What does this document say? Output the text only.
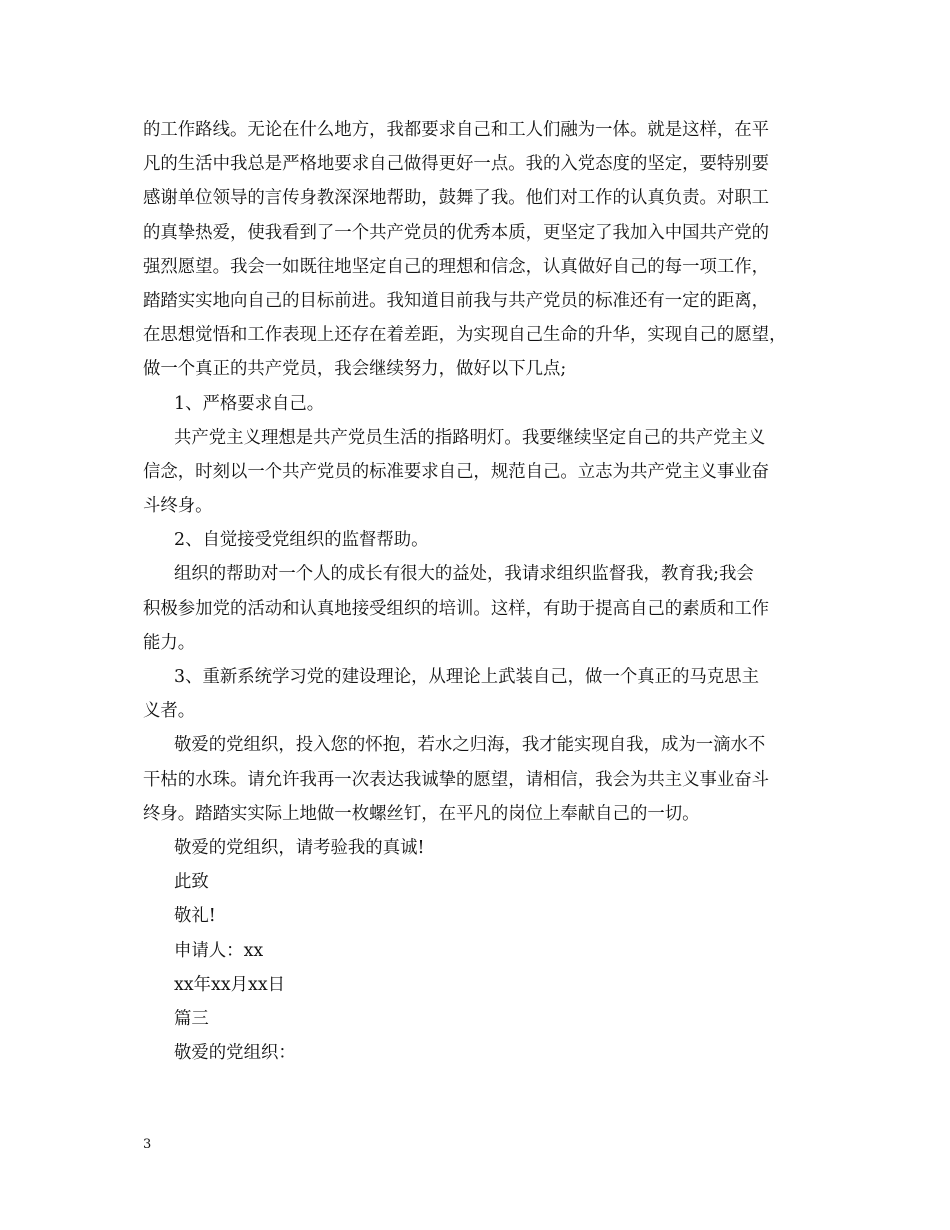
的工作路线。无论在什么地方，我都要求自己和工人们融为一体。就是这样，在平
凡的生活中我总是严格地要求自己做得更好一点。我的入党态度的坚定，要特别要
感谢单位领导的言传身教深深地帮助，鼓舞了我。他们对工作的认真负责。对职工
的真挚热爱，使我看到了一个共产党员的优秀本质，更坚定了我加入中国共产党的
强烈愿望。我会一如既往地坚定自己的理想和信念，认真做好自己的每一项工作，
踏踏实实地向自己的目标前进。我知道目前我与共产党员的标准还有一定的距离，
在思想觉悟和工作表现上还存在着差距，为实现自己生命的升华，实现自己的愿望，
做一个真正的共产党员，我会继续努力，做好以下几点;
1、严格要求自己。
共产党主义理想是共产党员生活的指路明灯。我要继续坚定自己的共产党主义
信念，时刻以一个共产党员的标准要求自己，规范自己。立志为共产党主义事业奋
斗终身。
2、自觉接受党组织的监督帮助。
组织的帮助对一个人的成长有很大的益处，我请求组织监督我，教育我;我会
积极参加党的活动和认真地接受组织的培训。这样，有助于提高自己的素质和工作
能力。
3、重新系统学习党的建设理论，从理论上武装自己，做一个真正的马克思主
义者。
敬爱的党组织，投入您的怀抱，若水之归海，我才能实现自我，成为一滴水不
干枯的水珠。请允许我再一次表达我诚挚的愿望，请相信，我会为共主义事业奋斗
终身。踏踏实实际上地做一枚螺丝钉，在平凡的岗位上奉献自己的一切。
敬爱的党组织，请考验我的真诚!
此致
敬礼!
申请人：xx
xx年xx月xx日
篇三
敬爱的党组织：
3
